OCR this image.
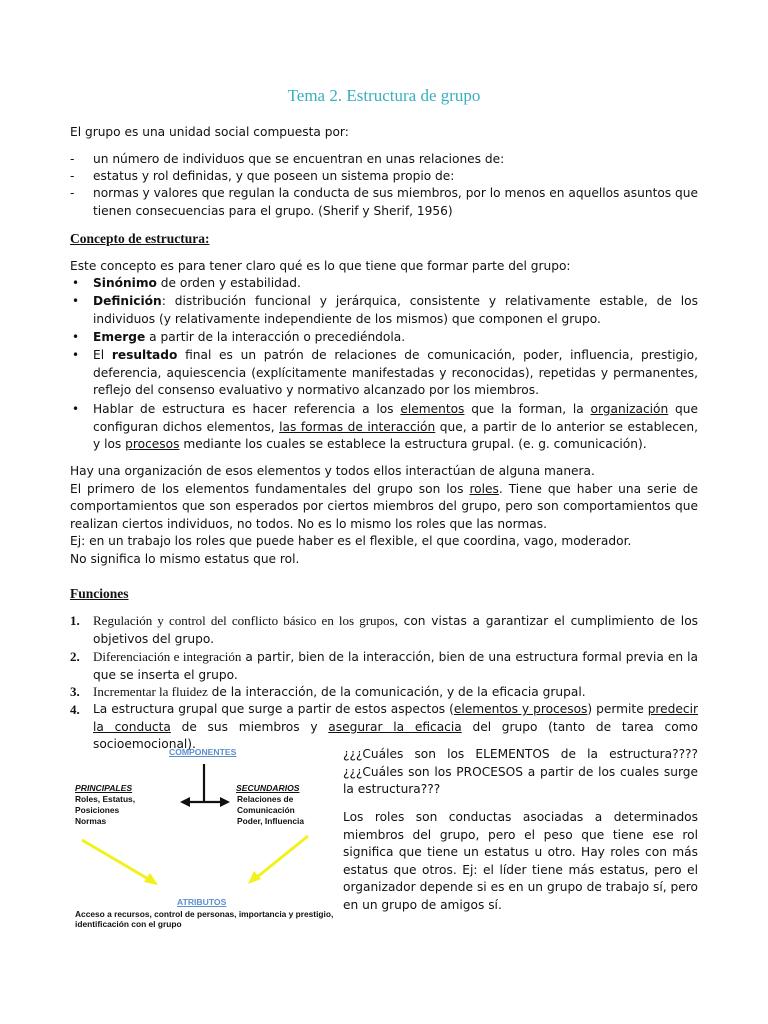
Tema 2. Estructura de grupo
El grupo es una unidad social compuesta por:
- un número de individuos que se encuentran en unas relaciones de:
- estatus y rol definidas, y que poseen un sistema propio de:
- normas y valores que regulan la conducta de sus miembros, por lo menos en aquellos asuntos que tienen consecuencias para el grupo. (Sherif y Sherif, 1956)
Concepto de estructura:
Este concepto es para tener claro qué es lo que tiene que formar parte del grupo:
• Sinónimo de orden y estabilidad.
• Definición: distribución funcional y jerárquica, consistente y relativamente estable, de los individuos (y relativamente independiente de los mismos) que componen el grupo.
• Emerge a partir de la interacción o precediéndola.
• El resultado final es un patrón de relaciones de comunicación, poder, influencia, prestigio, deferencia, aquiescencia (explícitamente manifestadas y reconocidas), repetidas y permanentes, reflejo del consenso evaluativo y normativo alcanzado por los miembros.
• Hablar de estructura es hacer referencia a los elementos que la forman, la organización que configuran dichos elementos, las formas de interacción que, a partir de lo anterior se establecen, y los procesos mediante los cuales se establece la estructura grupal. (e. g. comunicación).
Hay una organización de esos elementos y todos ellos interactúan de alguna manera.
El primero de los elementos fundamentales del grupo son los roles. Tiene que haber una serie de comportamientos que son esperados por ciertos miembros del grupo, pero son comportamientos que realizan ciertos individuos, no todos. No es lo mismo los roles que las normas.
Ej: en un trabajo los roles que puede haber es el flexible, el que coordina, vago, moderador.
No significa lo mismo estatus que rol.
Funciones
1. Regulación y control del conflicto básico en los grupos, con vistas a garantizar el cumplimiento de los objetivos del grupo.
2. Diferenciación e integración a partir, bien de la interacción, bien de una estructura formal previa en la que se inserta el grupo.
3. Incrementar la fluidez de la interacción, de la comunicación, y de la eficacia grupal.
4. La estructura grupal que surge a partir de estos aspectos (elementos y procesos) permite predecir la conducta de sus miembros y asegurar la eficacia del grupo (tanto de tarea como socioemocional).
COMPONENTES
PRINCIPALES
Roles, Estatus,
Posiciones
Normas
SECUNDARIOS
Relaciones de
Comunicación
Poder, Influencia
ATRIBUTOS
Acceso a recursos, control de personas, importancia y prestigio,
identificación con el grupo
¿¿¿Cuáles son los ELEMENTOS de la estructura???? ¿¿¿Cuáles son los PROCESOS a partir de los cuales surge la estructura???
Los roles son conductas asociadas a determinados miembros del grupo, pero el peso que tiene ese rol significa que tiene un estatus u otro. Hay roles con más estatus que otros. Ej: el líder tiene más estatus, pero el organizador depende si es en un grupo de trabajo sí, pero en un grupo de amigos sí.
